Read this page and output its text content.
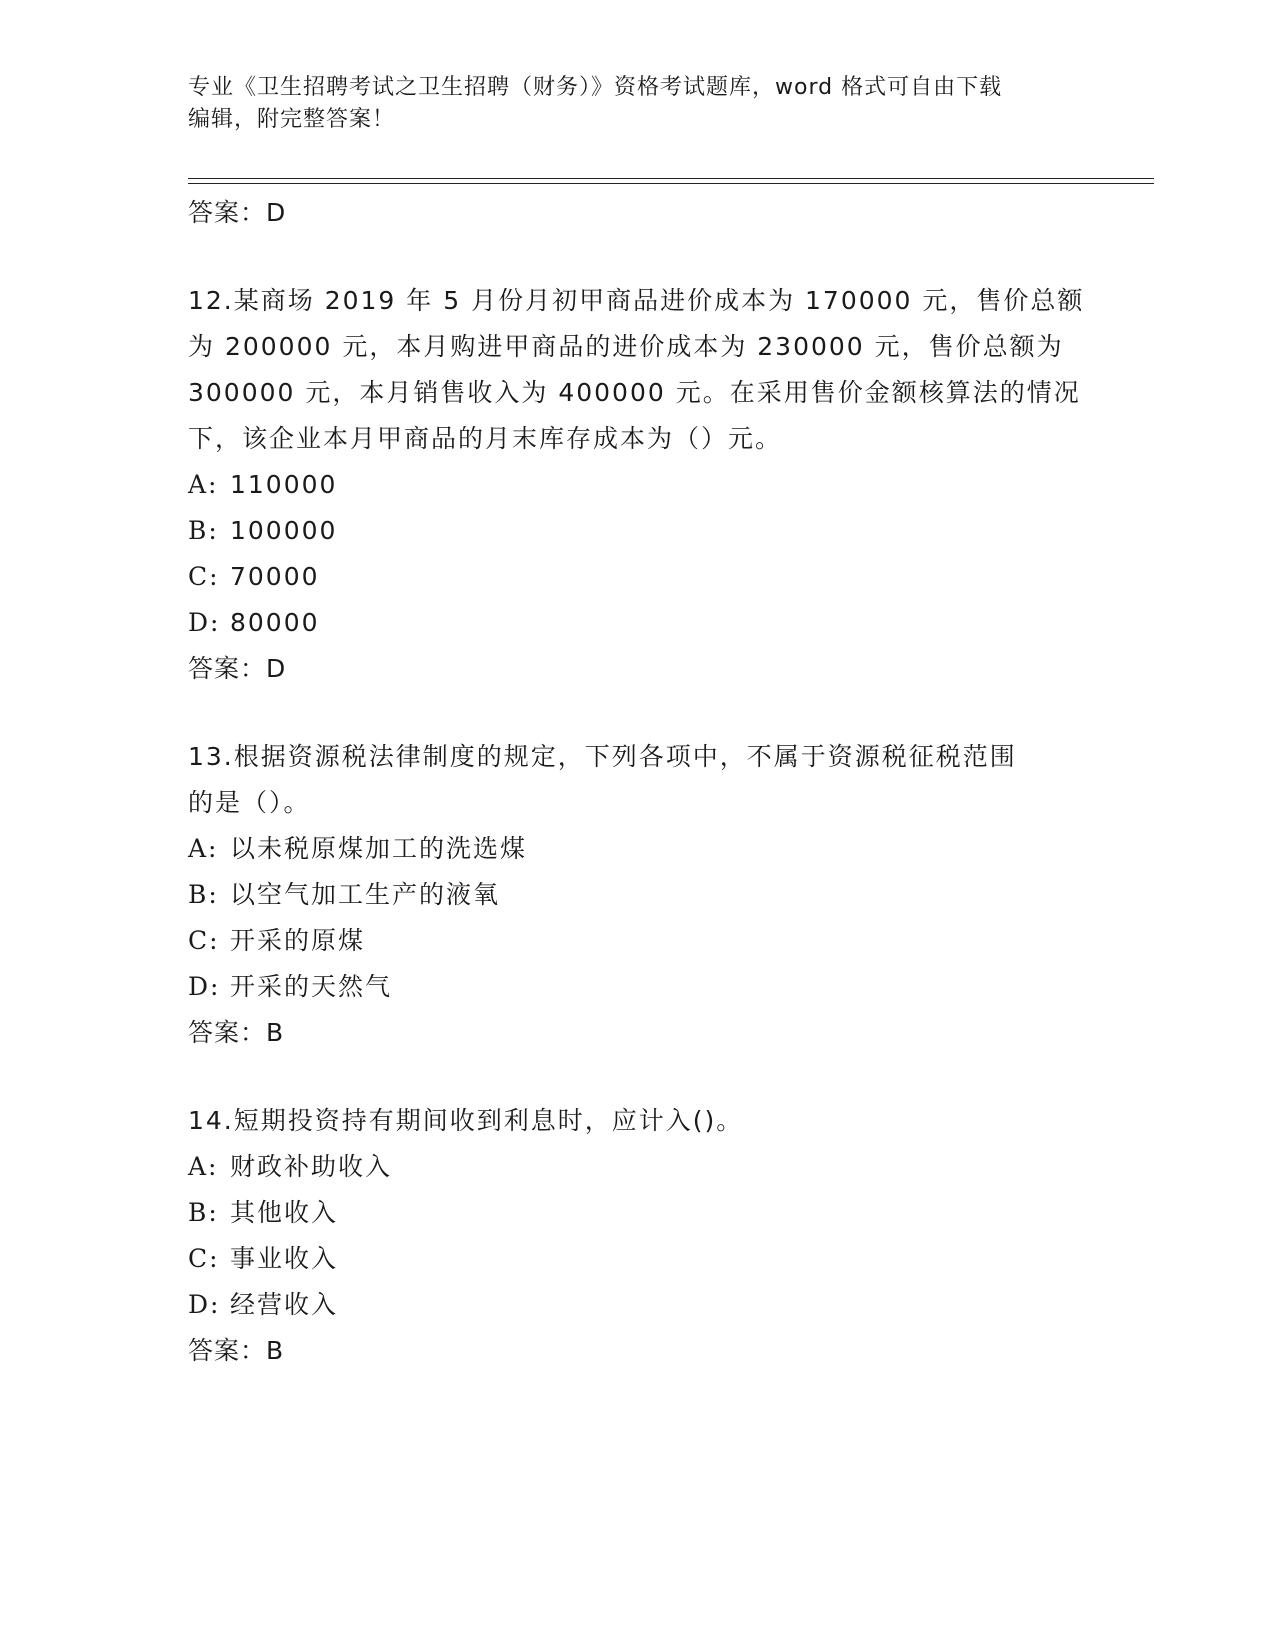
专业《卫生招聘考试之卫生招聘（财务）》资格考试题库，word 格式可自由下载
编辑，附完整答案！

答案：D

12.某商场 2019 年 5 月份月初甲商品进价成本为 170000 元，售价总额

为 200000 元，本月购进甲商品的进价成本为 230000 元，售价总额为

300000 元，本月销售收入为 400000 元。在采用售价金额核算法的情况

下，该企业本月甲商品的月末库存成本为（）元。

A: 110000

B: 100000

C: 70000

D: 80000

答案：D

13.根据资源税法律制度的规定，下列各项中，不属于资源税征税范围

的是（）。

A: 以未税原煤加工的洗选煤

B: 以空气加工生产的液氧

C: 开采的原煤

D: 开采的天然气

答案：B

14.短期投资持有期间收到利息时，应计入()。

A: 财政补助收入

B: 其他收入

C: 事业收入

D: 经营收入

答案：B
